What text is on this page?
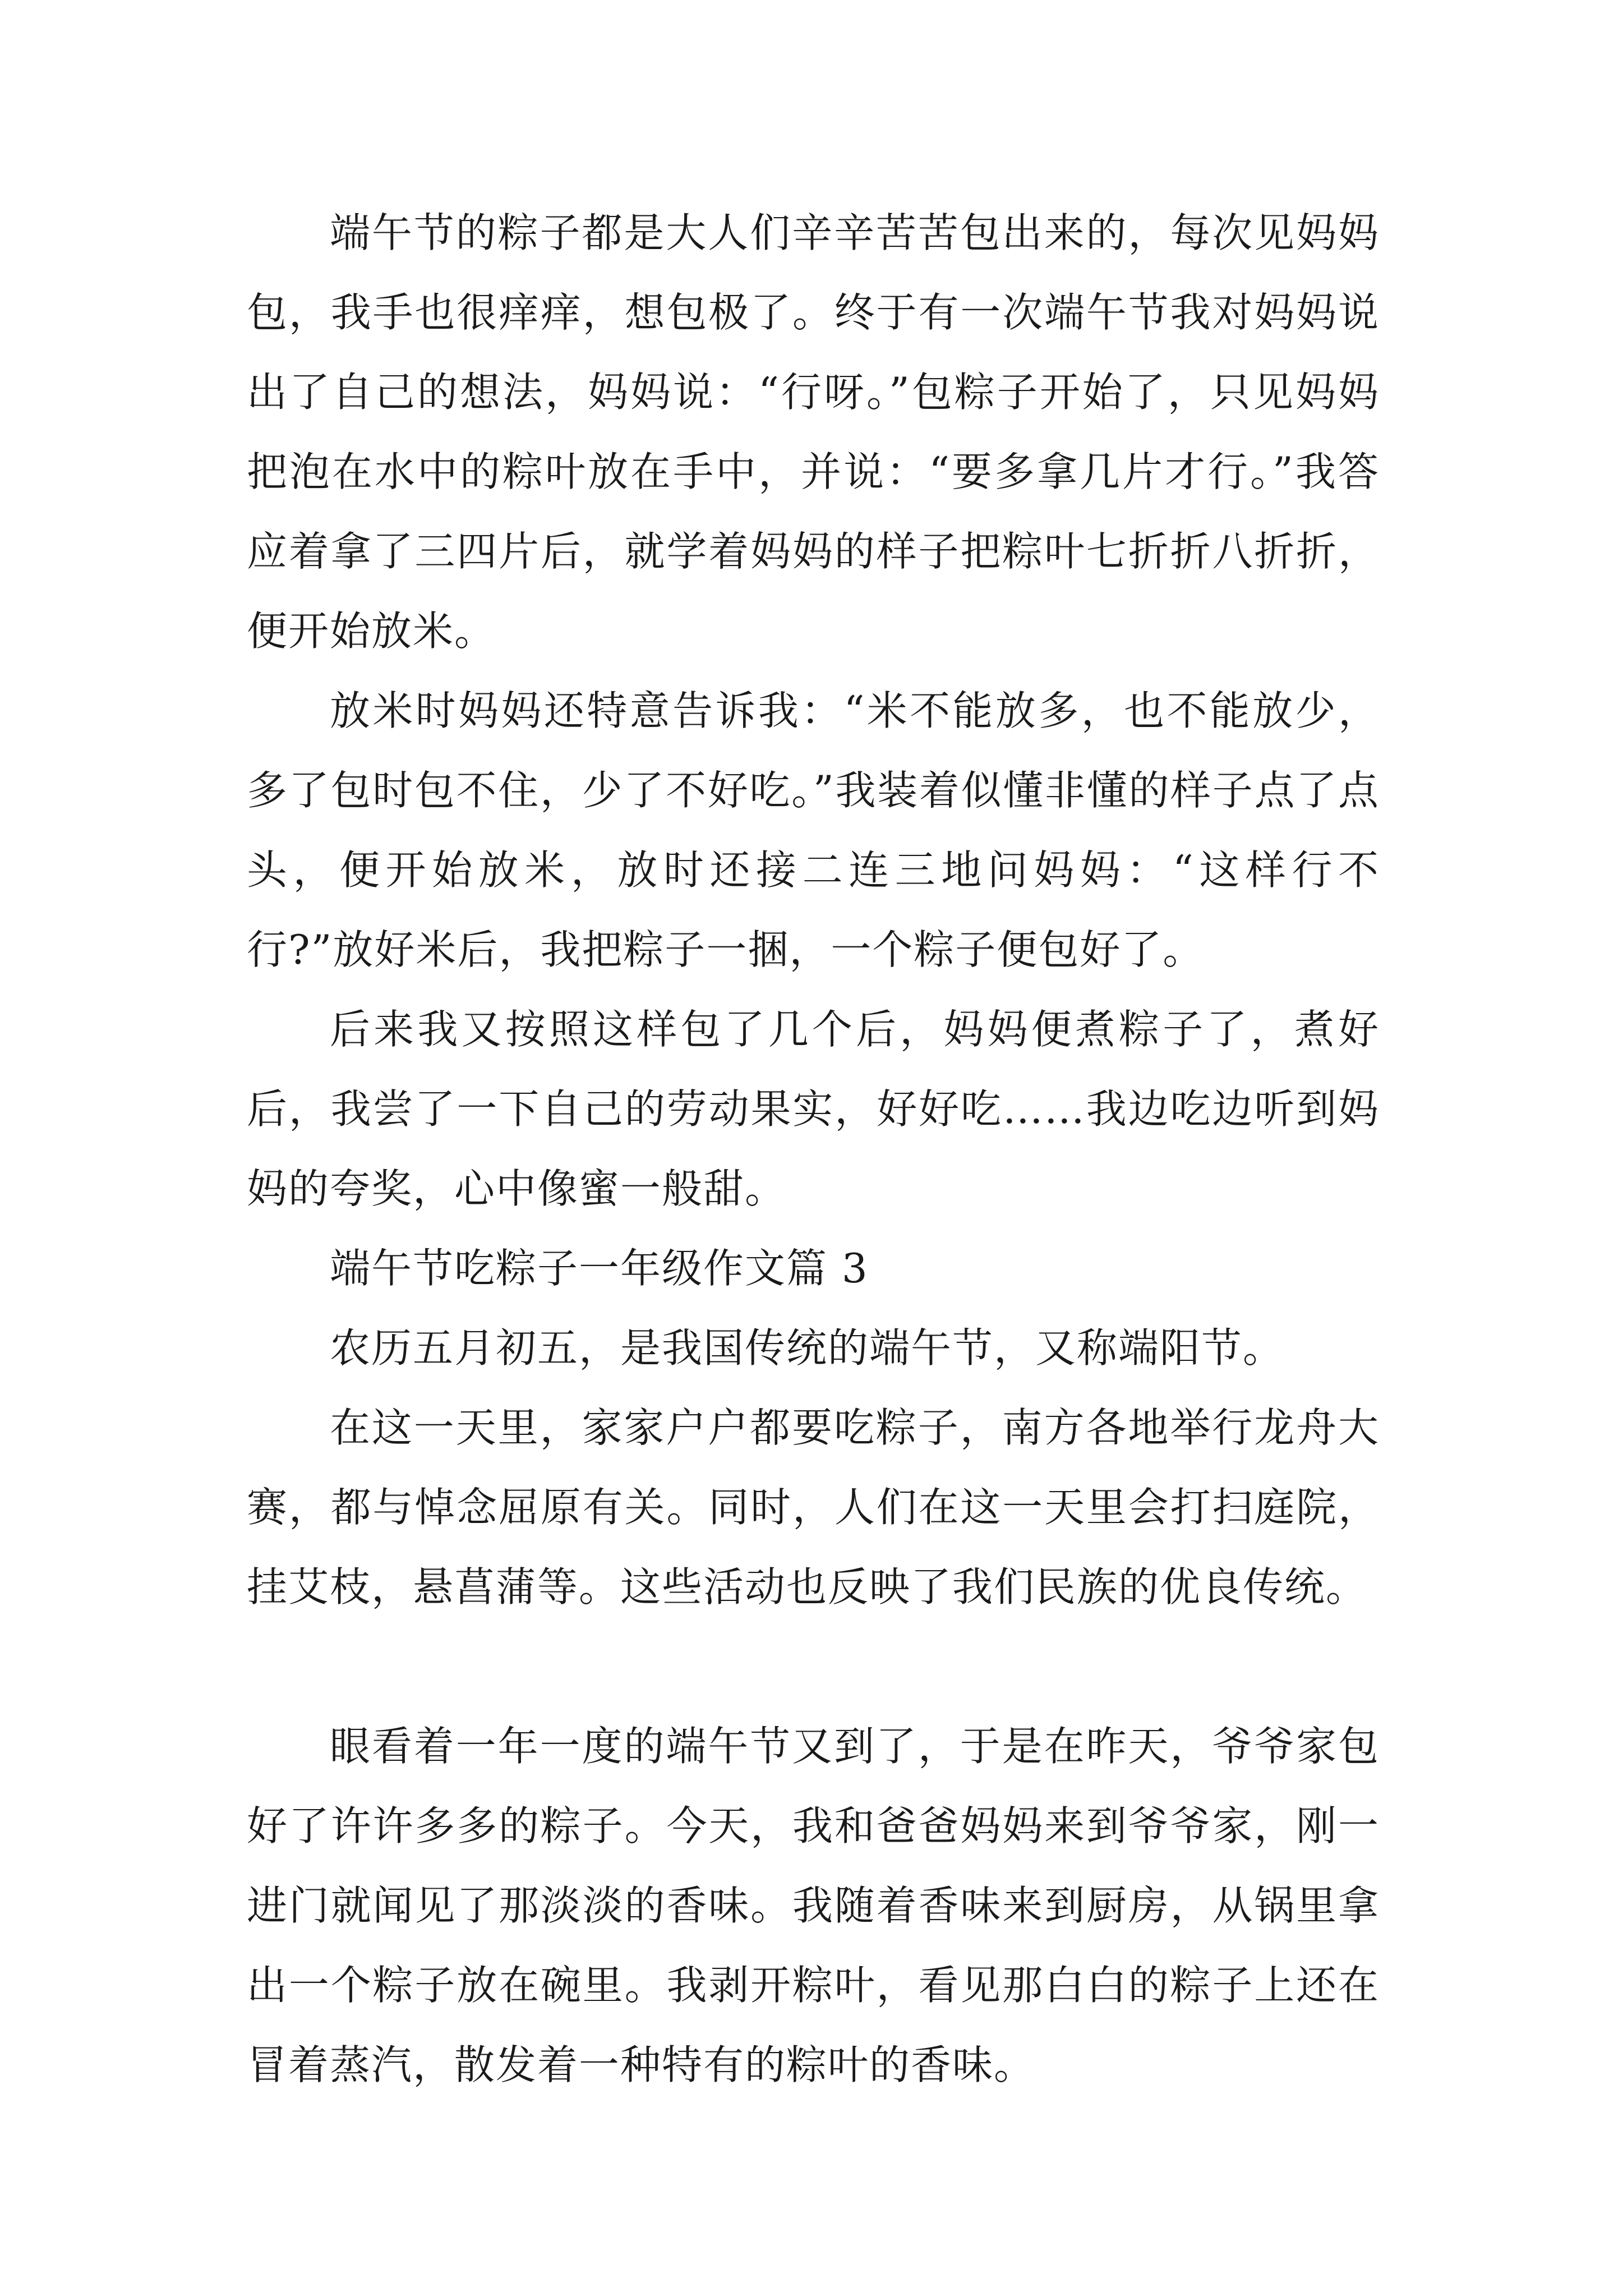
端午节的粽子都是大人们辛辛苦苦包出来的，每次见妈妈包，我手也很痒痒，想包极了。终于有一次端午节我对妈妈说出了自己的想法，妈妈说：“行呀。”包粽子开始了，只见妈妈把泡在水中的粽叶放在手中，并说：“要多拿几片才行。”我答应着拿了三四片后，就学着妈妈的样子把粽叶七折折八折折，便开始放米。

放米时妈妈还特意告诉我：“米不能放多，也不能放少，多了包时包不住，少了不好吃。”我装着似懂非懂的样子点了点头，便开始放米，放时还接二连三地问妈妈：“这样行不行?”放好米后，我把粽子一捆，一个粽子便包好了。

后来我又按照这样包了几个后，妈妈便煮粽子了，煮好后，我尝了一下自己的劳动果实，好好吃……我边吃边听到妈妈的夸奖，心中像蜜一般甜。

端午节吃粽子一年级作文篇 3

农历五月初五，是我国传统的端午节，又称端阳节。

在这一天里，家家户户都要吃粽子，南方各地举行龙舟大赛，都与悼念屈原有关。同时，人们在这一天里会打扫庭院，挂艾枝，悬菖蒲等。这些活动也反映了我们民族的优良传统。

眼看着一年一度的端午节又到了，于是在昨天，爷爷家包好了许许多多的粽子。今天，我和爸爸妈妈来到爷爷家，刚一进门就闻见了那淡淡的香味。我随着香味来到厨房，从锅里拿出一个粽子放在碗里。我剥开粽叶，看见那白白的粽子上还在冒着蒸汽，散发着一种特有的粽叶的香味。
